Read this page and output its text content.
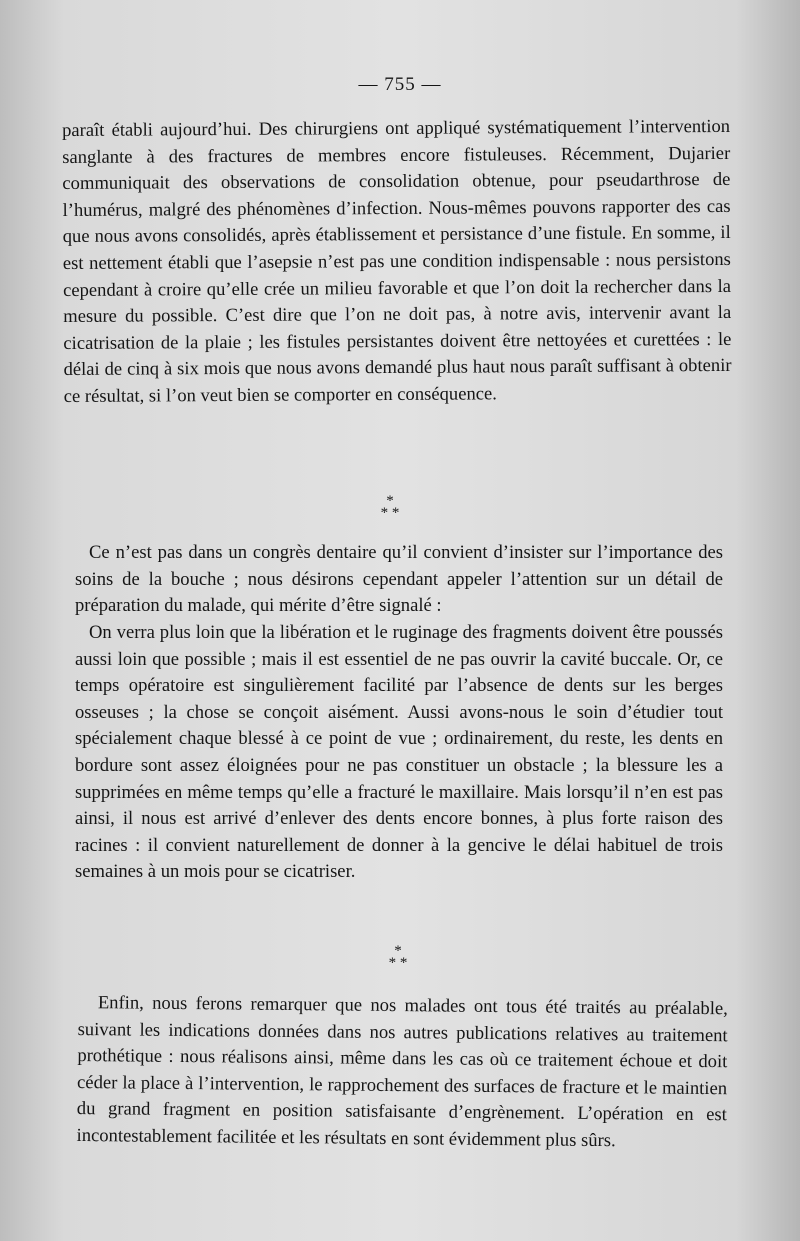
— 755 —

paraît établi aujourd’hui. Des chirurgiens ont appliqué systématiquement l’intervention sanglante à des fractures de membres encore fistuleuses. Récemment, Dujarier communiquait des observations de consolidation obtenue, pour pseudarthrose de l’humérus, malgré des phénomènes d’infection. Nous-mêmes pouvons rapporter des cas que nous avons consolidés, après établissement et persistance d’une fistule. En somme, il est nettement établi que l’asepsie n’est pas une condition indispensable : nous persistons cependant à croire qu’elle crée un milieu favorable et que l’on doit la rechercher dans la mesure du possible. C’est dire que l’on ne doit pas, à notre avis, intervenir avant la cicatrisation de la plaie ; les fistules persistantes doivent être nettoyées et curettées : le délai de cinq à six mois que nous avons demandé plus haut nous paraît suffisant à obtenir ce résultat, si l’on veut bien se comporter en conséquence.

*
* *

Ce n’est pas dans un congrès dentaire qu’il convient d’insister sur l’importance des soins de la bouche ; nous désirons cependant appeler l’attention sur un détail de préparation du malade, qui mérite d’être signalé :

On verra plus loin que la libération et le ruginage des fragments doivent être poussés aussi loin que possible ; mais il est essentiel de ne pas ouvrir la cavité buccale. Or, ce temps opératoire est singulièrement facilité par l’absence de dents sur les berges osseuses ; la chose se conçoit aisément. Aussi avons-nous le soin d’étudier tout spécialement chaque blessé à ce point de vue ; ordinairement, du reste, les dents en bordure sont assez éloignées pour ne pas constituer un obstacle ; la blessure les a supprimées en même temps qu’elle a fracturé le maxillaire. Mais lorsqu’il n’en est pas ainsi, il nous est arrivé d’enlever des dents encore bonnes, à plus forte raison des racines : il convient naturellement de donner à la gencive le délai habituel de trois semaines à un mois pour se cicatriser.

*
* *

Enfin, nous ferons remarquer que nos malades ont tous été traités au préalable, suivant les indications données dans nos autres publications relatives au traitement prothétique : nous réalisons ainsi, même dans les cas où ce traitement échoue et doit céder la place à l’intervention, le rapprochement des surfaces de fracture et le maintien du grand fragment en position satisfaisante d’engrènement. L’opération en est incontestablement facilitée et les résultats en sont évidemment plus sûrs.
